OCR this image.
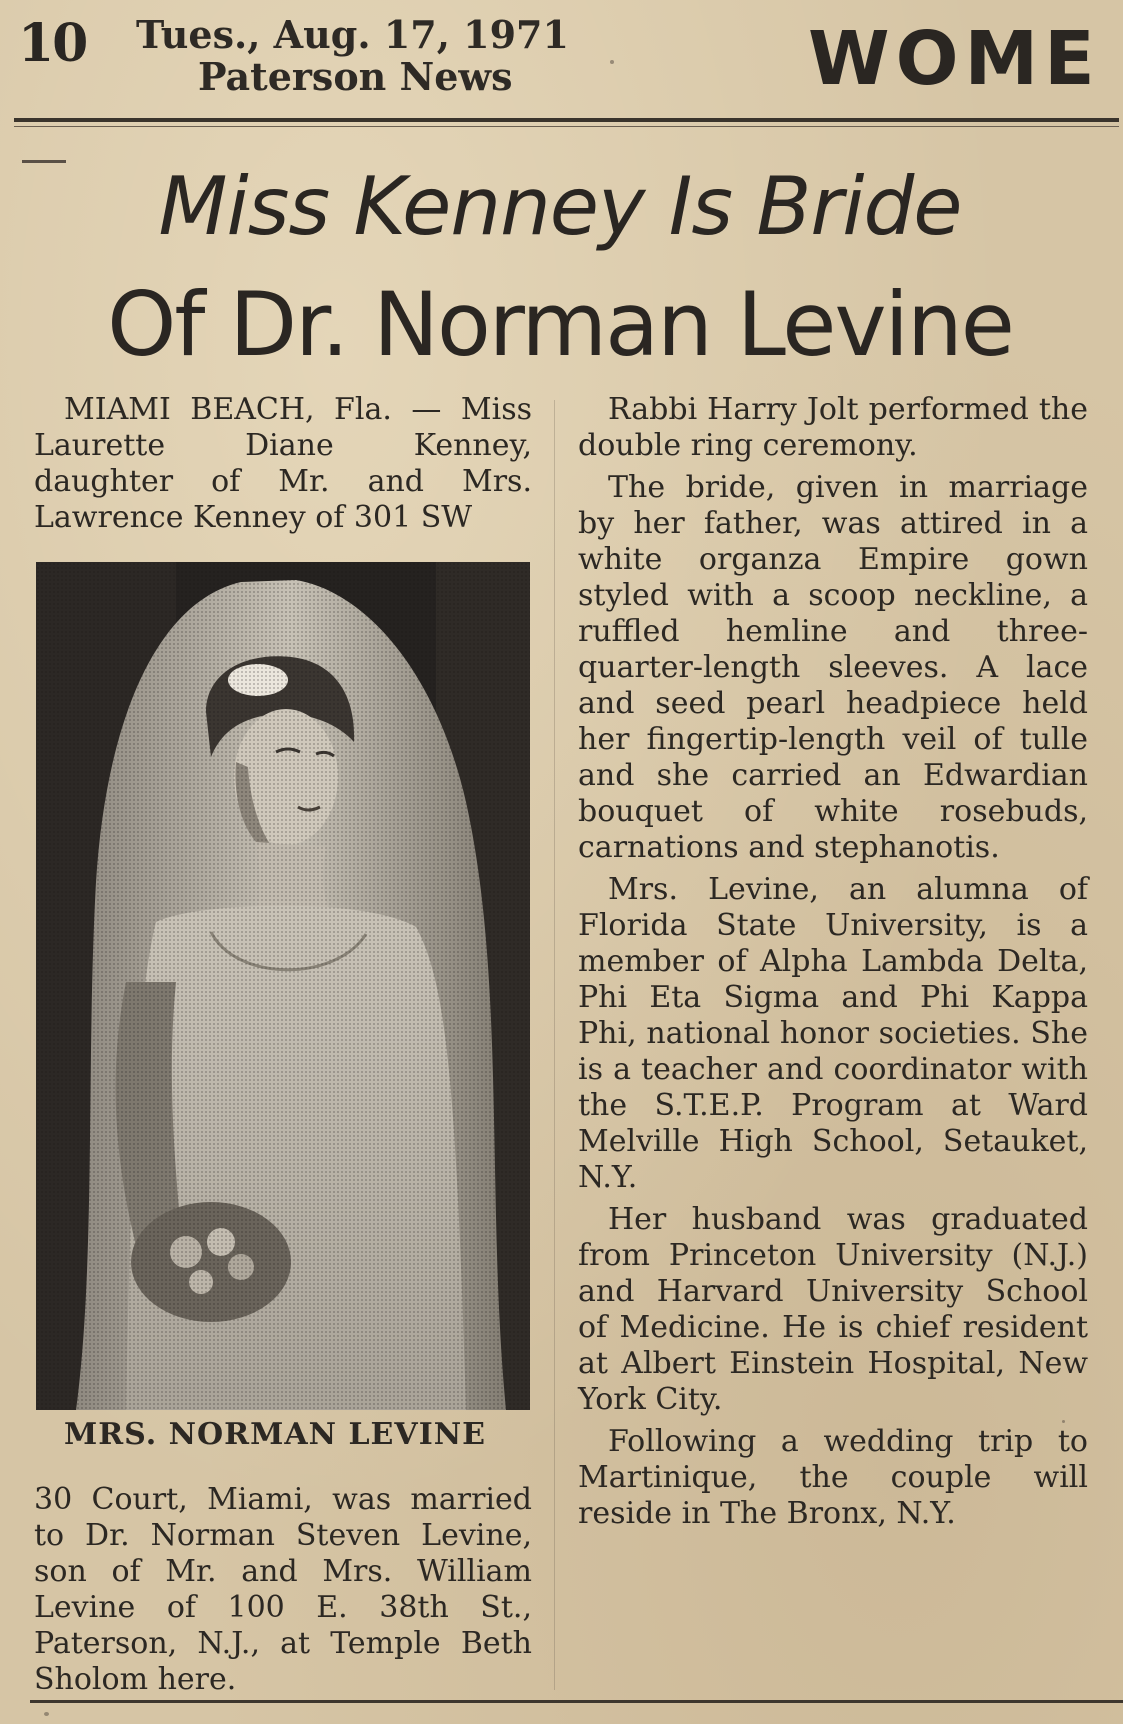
10 Tues., Aug. 17, 1971
Paterson News	WOME
Miss Kenney Is Bride
Of Dr. Norman Levine

MIAMI BEACH, Fla. — Miss Laurette Diane Kenney, daughter of Mr. and Mrs. Lawrence Kenney of 301 SW

MRS. NORMAN LEVINE

30 Court, Miami, was married to Dr. Norman Steven Levine, son of Mr. and Mrs. William Levine of 100 E. 38th St., Paterson, N.J., at Temple Beth Sholom here.

Rabbi Harry Jolt performed the double ring ceremony.

The bride, given in marriage by her father, was attired in a white organza Empire gown styled with a scoop neckline, a ruffled hemline and three-quarter-length sleeves. A lace and seed pearl headpiece held her fingertip-length veil of tulle and she carried an Edwardian bouquet of white rosebuds, carnations and stephanotis.

Mrs. Levine, an alumna of Florida State University, is a member of Alpha Lambda Delta, Phi Eta Sigma and Phi Kappa Phi, national honor societies. She is a teacher and coordinator with the S.T.E.P. Program at Ward Melville High School, Setauket, N.Y.

Her husband was graduated from Princeton University (N.J.) and Harvard University School of Medicine. He is chief resident at Albert Einstein Hospital, New York City.

Following a wedding trip to Martinique, the couple will reside in The Bronx, N.Y.
